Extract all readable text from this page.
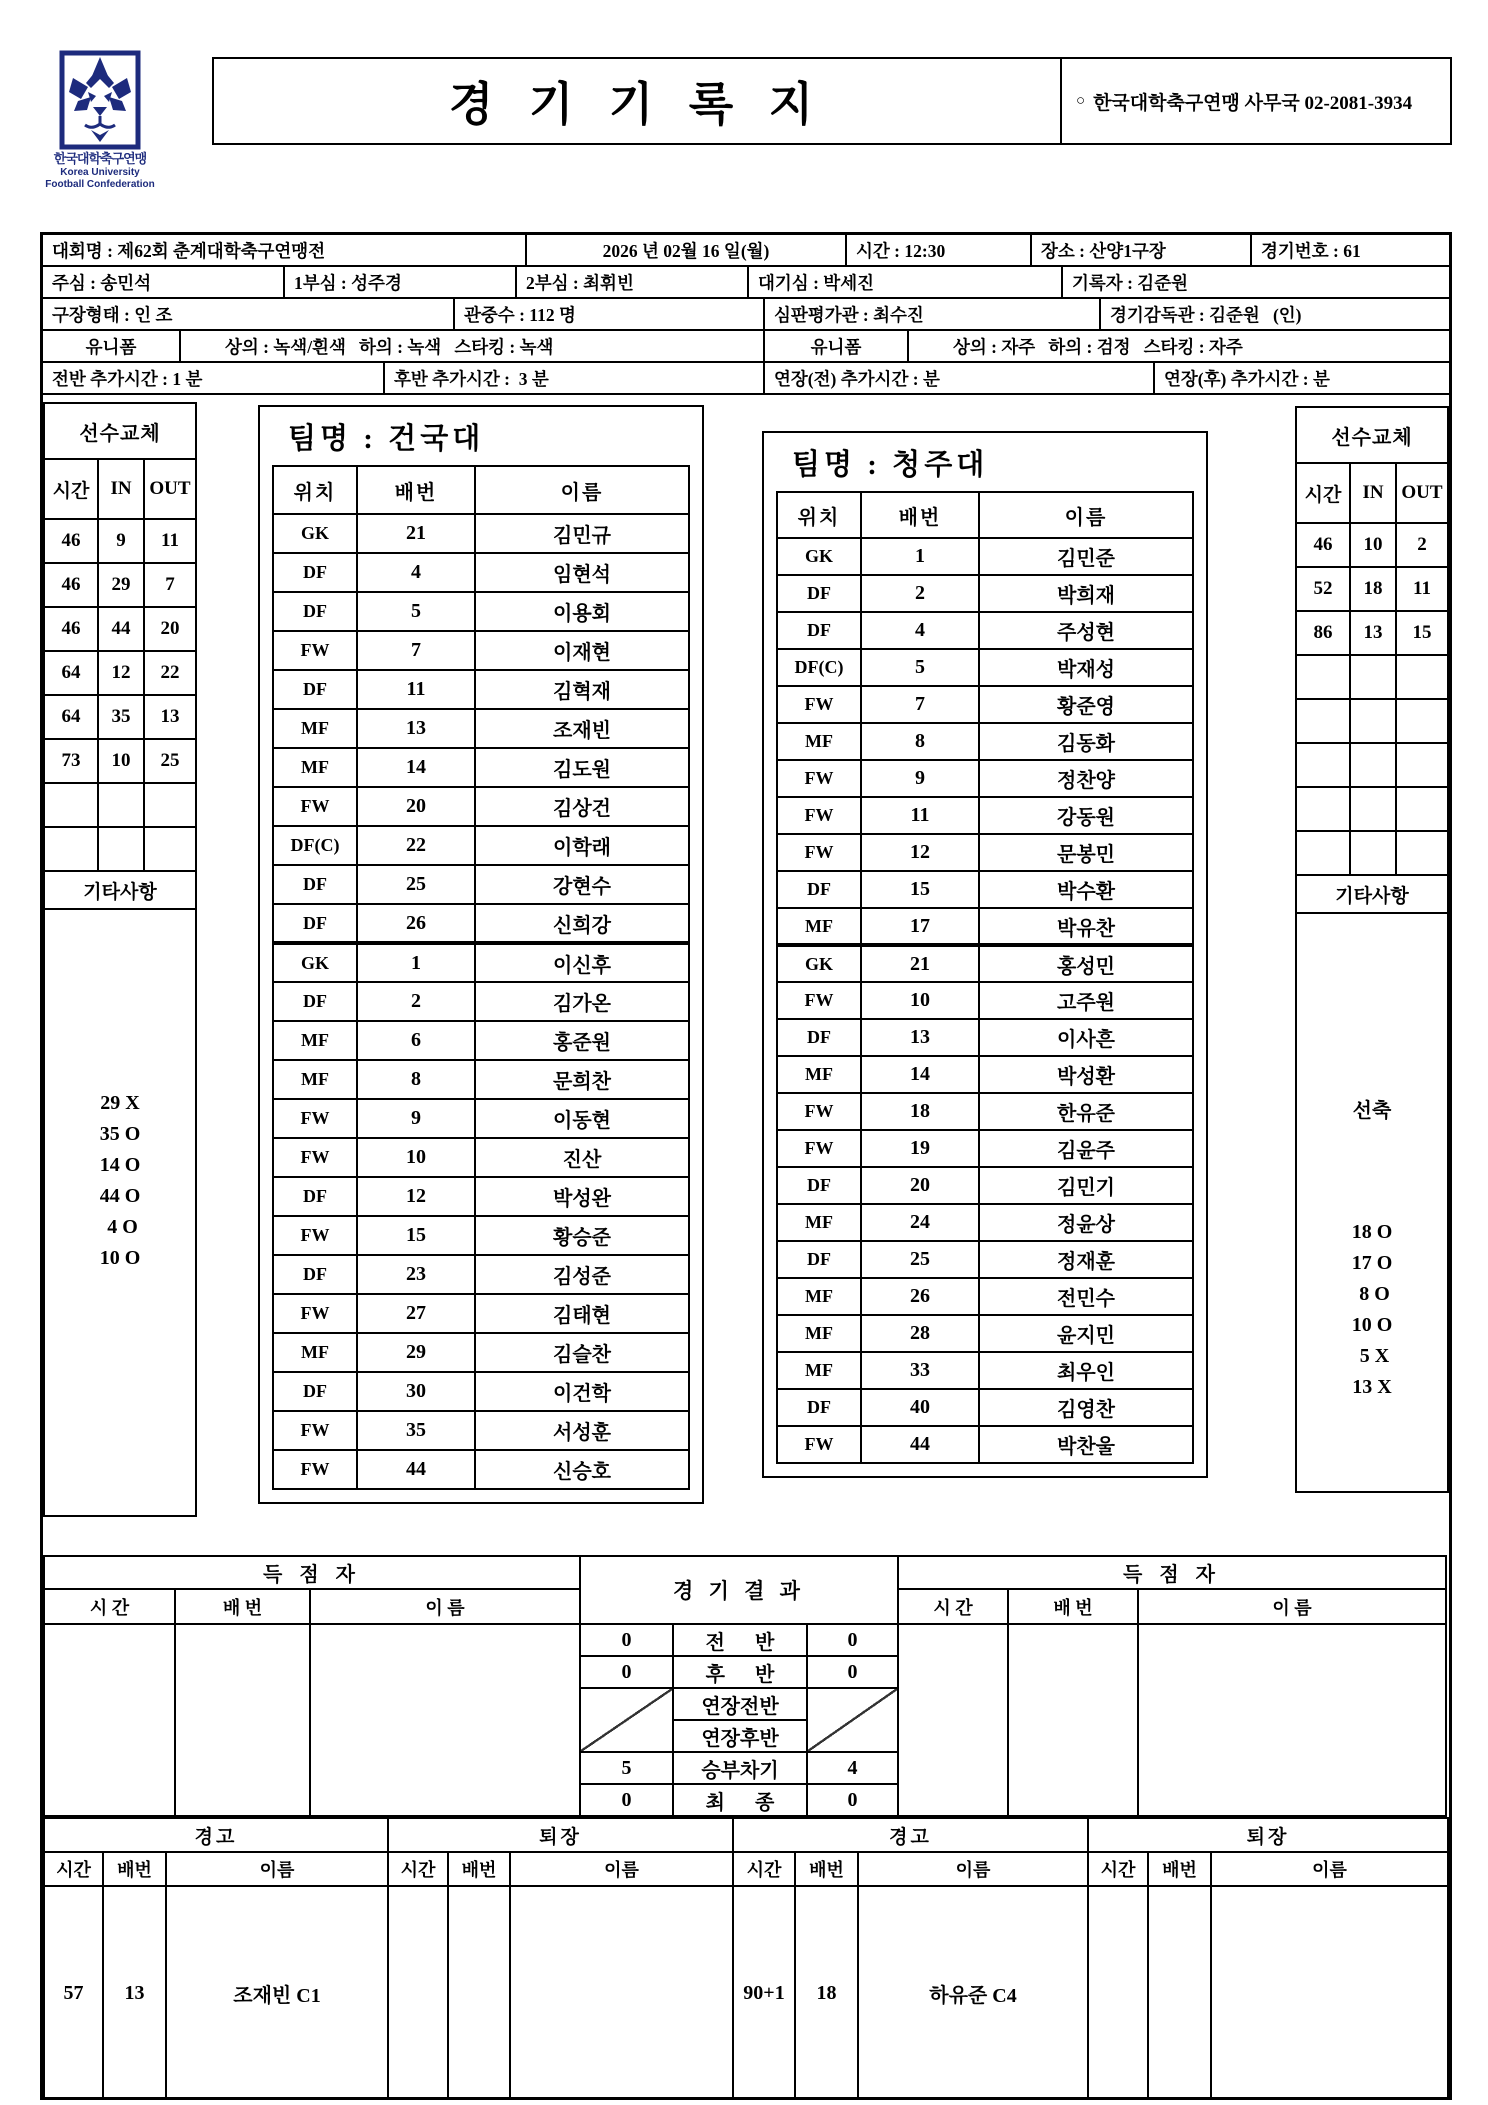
한국대학축구연맹
Korea University
Football Confederation
경 기 기 록 지	○ 한국대학축구연맹 사무국 02-2081-3934
대회명 : 제62회 춘계대학축구연맹전	2026 년 02월 16 일(월)	시간 : 12:30	장소 : 산양1구장	경기번호 : 61
주심 : 송민석	1부심 : 성주경	2부심 : 최휘빈	대기심 : 박세진	기록자 : 김준원
구장형태 : 인 조	관중수 : 112 명	심판평가관 : 최수진	경기감독관 : 김준원   (인)
유니폼	상의 : 녹색/흰색   하의 : 녹색   스타킹 : 녹색	유니폼	상의 : 자주   하의 : 검정   스타킹 : 자주
전반 추가시간 : 1 분	후반 추가시간 :  3 분	연장(전) 추가시간 : 분	연장(후) 추가시간 : 분
선수교체		
시간	IN	OUT
46	9	11
46	29	7
46	44	20
64	12	22
64	35	13
73	10	25

기타사항		

29 X
35 O
14 O
44 O
4 O
10 O
팀명 : 건국대
위치	배번	이름
GK	21	김민규
DF	4	임현석
DF	5	이용회
FW	7	이재현
DF	11	김혁재
MF	13	조재빈
MF	14	김도원
FW	20	김상건
DF(C)	22	이학래
DF	25	강현수
DF	26	신희강
GK	1	이신후
DF	2	김가온
MF	6	홍준원
MF	8	문희찬
FW	9	이동현
FW	10	진산
DF	12	박성완
FW	15	황승준
DF	23	김성준
FW	27	김태현
MF	29	김슬찬
DF	30	이건학
FW	35	서성훈
FW	44	신승호
팀명 : 청주대
위치	배번	이름
GK	1	김민준
DF	2	박희재
DF	4	주성현
DF(C)	5	박재성
FW	7	황준영
MF	8	김동화
FW	9	정찬양
FW	11	강동원
FW	12	문봉민
DF	15	박수환
MF	17	박유찬
GK	21	홍성민
FW	10	고주원
DF	13	이사흔
MF	14	박성환
FW	18	한유준
FW	19	김윤주
DF	20	김민기
MF	24	정윤상
DF	25	정재훈
MF	26	전민수
MF	28	윤지민
MF	33	최우인
DF	40	김영찬
FW	44	박찬울
선수교체		
시간	IN	OUT
46	10	2
52	18	11
86	13	15

기타사항		

선축

18 O
17 O
8 O
10 O
5 X
13 X

득 점 자		
시 간	배 번	이 름

경 기 결 과		
0	전      반	0
0	후      반	0
	연장전반	
	연장후반	
5	승부차기	4
0	최      종	0
득 점 자		
시 간	배 번	이 름

경고		
시간	배번	이름
57	13	조재빈 C1
퇴장		
시간	배번	이름

경고		
시간	배번	이름
90+1	18	하유준 C4
퇴장		
시간	배번	이름
